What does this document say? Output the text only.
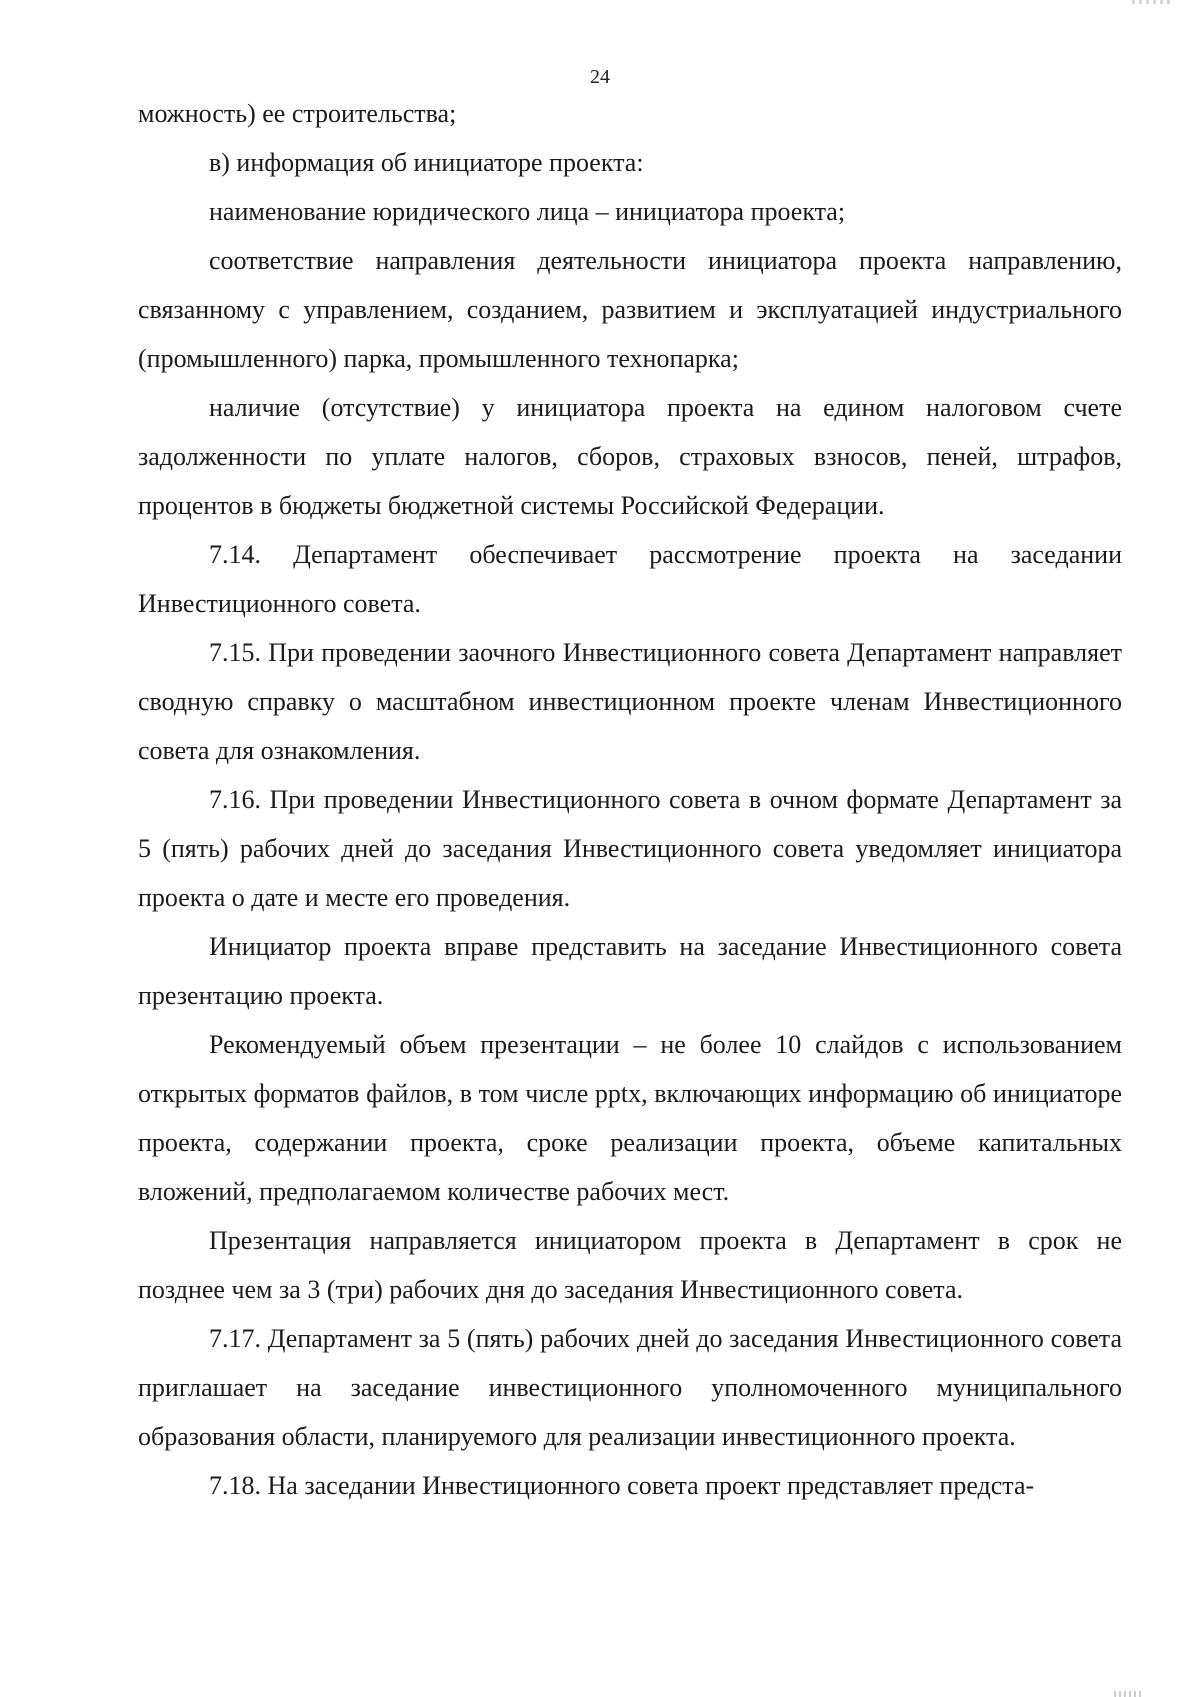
24

можность) ее строительства;

в) информация об инициаторе проекта:

наименование юридического лица – инициатора проекта;

соответствие направления деятельности инициатора проекта направлению, связанному с управлением, созданием, развитием и эксплуатацией индустриального (промышленного) парка, промышленного технопарка;

наличие (отсутствие) у инициатора проекта на едином налоговом счете задолженности по уплате налогов, сборов, страховых взносов, пеней, штрафов, процентов в бюджеты бюджетной системы Российской Федерации.

7.14. Департамент обеспечивает рассмотрение проекта на заседании Инвестиционного совета.

7.15. При проведении заочного Инвестиционного совета Департамент направляет сводную справку о масштабном инвестиционном проекте членам Инвестиционного совета для ознакомления.

7.16. При проведении Инвестиционного совета в очном формате Департамент за 5 (пять) рабочих дней до заседания Инвестиционного совета уведомляет инициатора проекта о дате и месте его проведения.

Инициатор проекта вправе представить на заседание Инвестиционного совета презентацию проекта.

Рекомендуемый объем презентации – не более 10 слайдов с использованием открытых форматов файлов, в том числе pptx, включающих информацию об инициаторе проекта, содержании проекта, сроке реализации проекта, объеме капитальных вложений, предполагаемом количестве рабочих мест.

Презентация направляется инициатором проекта в Департамент в срок не позднее чем за 3 (три) рабочих дня до заседания Инвестиционного совета.

7.17. Департамент за 5 (пять) рабочих дней до заседания Инвестиционного совета приглашает на заседание инвестиционного уполномоченного муниципального образования области, планируемого для реализации инвестиционного проекта.

7.18. На заседании Инвестиционного совета проект представляет предста-
